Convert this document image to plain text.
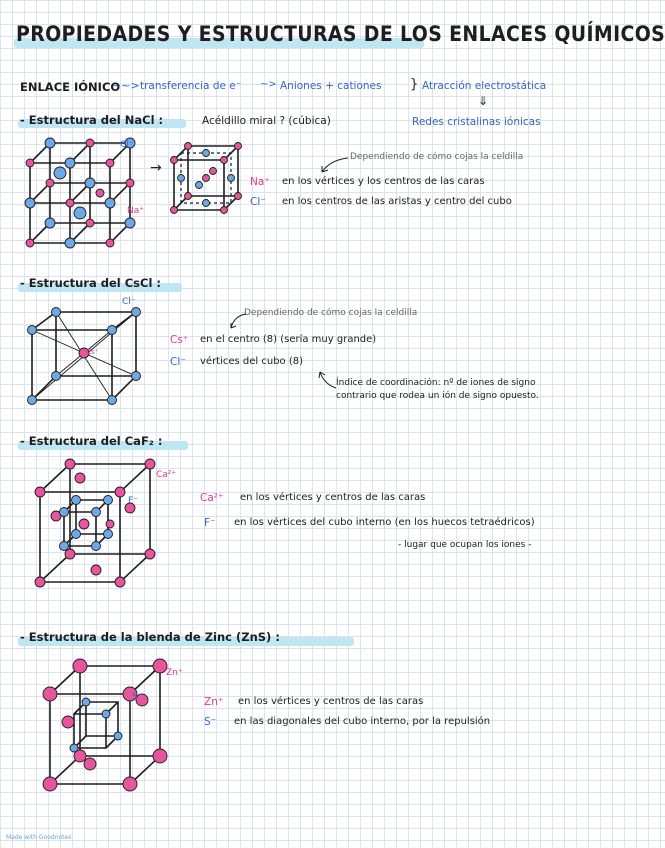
PROPIEDADES Y ESTRUCTURAS DE LOS ENLACES QUÍMICOS
ENLACE IÓNICO
~~> transferencia de e⁻ ~> Aniones + cationes } Atracción electrostática
⇓
Redes cristalinas iónicas
- Estructura del NaCl :	Acéldillo miral ? (cúbica)
Cl⁻
Na⁺
→
Dependiendo de cómo cojas la celdilla
Na⁺ en los vértices y los centros de las caras
Cl⁻ en los centros de las aristas y centro del cubo
- Estructura del CsCl :
Cl⁻
Cs⁺
Dependiendo de cómo cojas la celdilla
Cs⁺ en el centro (8) (sería muy grande)
Cl⁻ vértices del cubo (8)
Índice de coordinación: nº de iones de signo
contrario que rodea un ión de signo opuesto.
- Estructura del CaF₂ :
Ca²⁺
F⁻	Ca²⁺ en los vértices y centros de las caras
F⁻ en los vértices del cubo interno (en los huecos tetraédricos)
- lugar que ocupan los iones -
- Estructura de la blenda de Zinc (ZnS) :
Zn⁺
S⁻	Zn⁺ en los vértices y centros de las caras
S⁻ en las diagonales del cubo interno, por la repulsión
Made with Goodnotes
